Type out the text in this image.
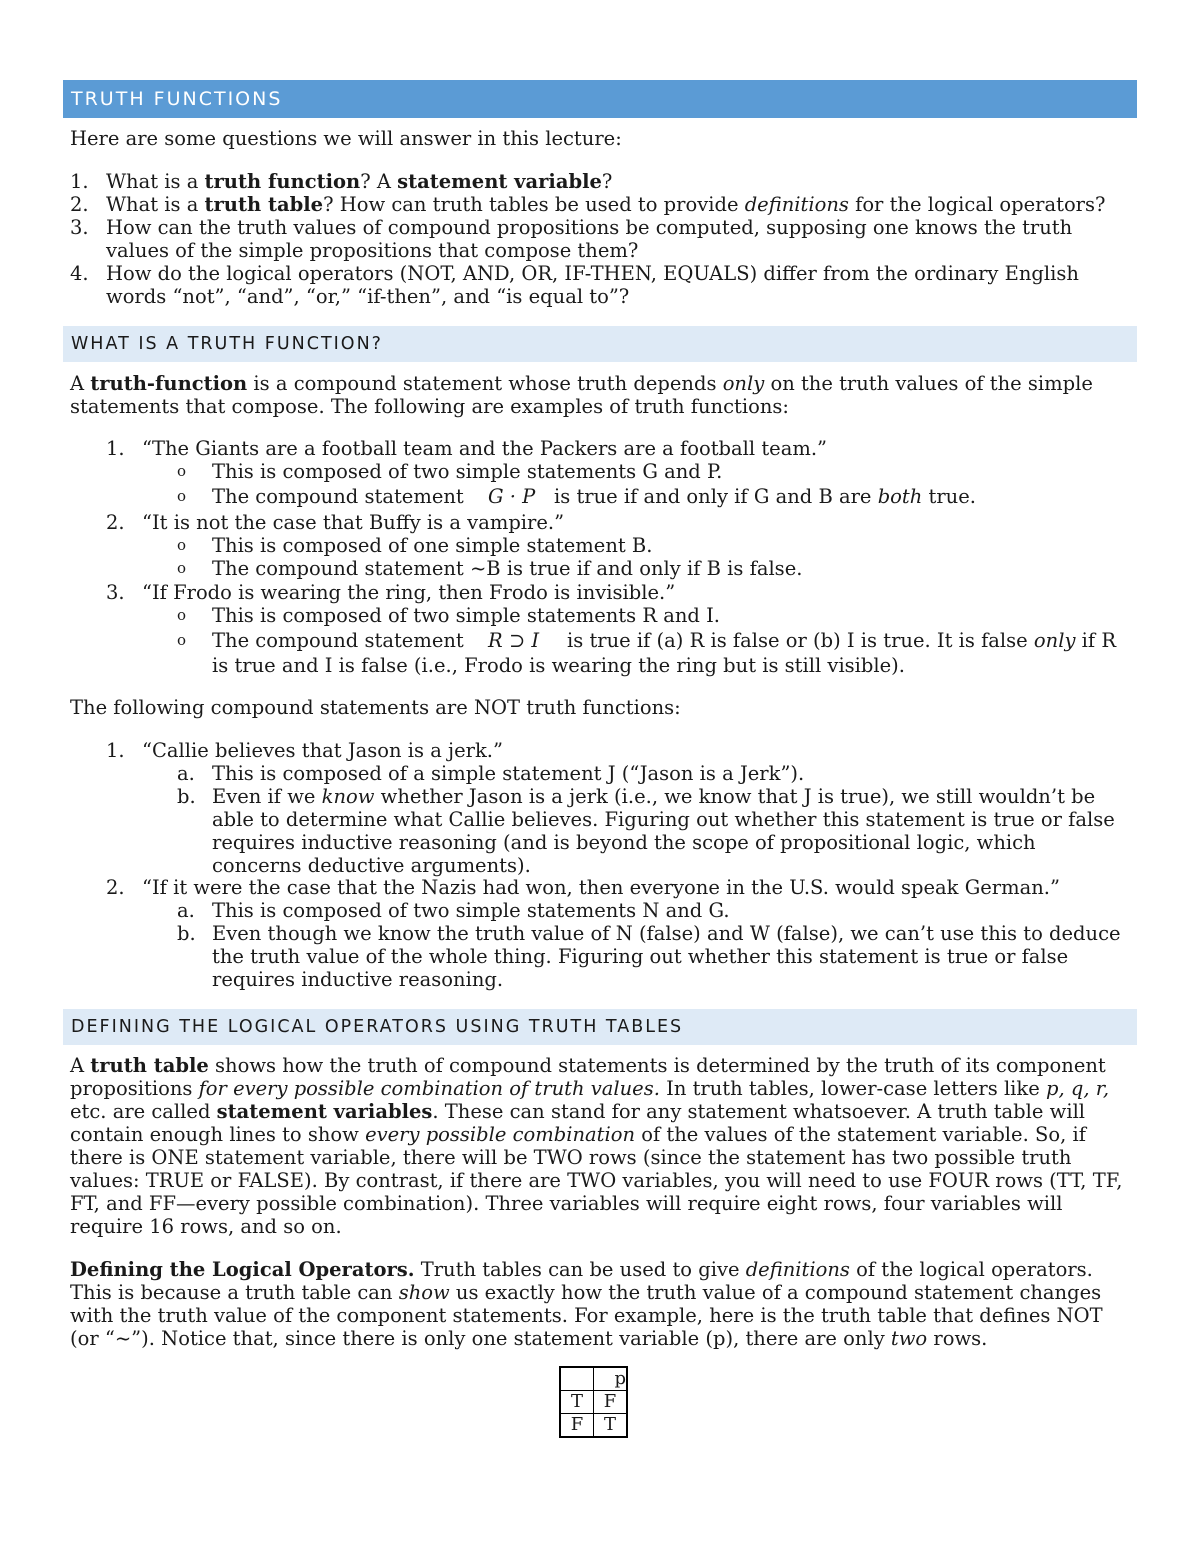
TRUTH FUNCTIONS
Here are some questions we will answer in this lecture:
1. What is a truth function? A statement variable?
2. What is a truth table? How can truth tables be used to provide definitions for the logical operators?
3. How can the truth values of compound propositions be computed, supposing one knows the truth
values of the simple propositions that compose them?
4. How do the logical operators (NOT, AND, OR, IF-THEN, EQUALS) differ from the ordinary English
words “not”, “and”, “or,” “if-then”, and “is equal to”?
WHAT IS A TRUTH FUNCTION?
A truth-function is a compound statement whose truth depends only on the truth values of the simple
statements that compose. The following are examples of truth functions:
1. “The Giants are a football team and the Packers are a football team.”
o This is composed of two simple statements G and P.
o The compound statement G · P is true if and only if G and B are both true.
2. “It is not the case that Buffy is a vampire.”
o This is composed of one simple statement B.
o The compound statement ~B is true if and only if B is false.
3. “If Frodo is wearing the ring, then Frodo is invisible.”
o This is composed of two simple statements R and I.
o The compound statement R ⊃ I is true if (a) R is false or (b) I is true. It is false only if R
is true and I is false (i.e., Frodo is wearing the ring but is still visible).
The following compound statements are NOT truth functions:
1. “Callie believes that Jason is a jerk.”
a. This is composed of a simple statement J (“Jason is a Jerk”).
b. Even if we know whether Jason is a jerk (i.e., we know that J is true), we still wouldn’t be
able to determine what Callie believes. Figuring out whether this statement is true or false
requires inductive reasoning (and is beyond the scope of propositional logic, which
concerns deductive arguments).
2. “If it were the case that the Nazis had won, then everyone in the U.S. would speak German.”
a. This is composed of two simple statements N and G.
b. Even though we know the truth value of N (false) and W (false), we can’t use this to deduce
the truth value of the whole thing. Figuring out whether this statement is true or false
requires inductive reasoning.
DEFINING THE LOGICAL OPERATORS USING TRUTH TABLES
A truth table shows how the truth of compound statements is determined by the truth of its component
propositions for every possible combination of truth values. In truth tables, lower-case letters like p, q, r,
etc. are called statement variables. These can stand for any statement whatsoever. A truth table will
contain enough lines to show every possible combination of the values of the statement variable. So, if
there is ONE statement variable, there will be TWO rows (since the statement has two possible truth
values: TRUE or FALSE). By contrast, if there are TWO variables, you will need to use FOUR rows (TT, TF,
FT, and FF—every possible combination). Three variables will require eight rows, four variables will
require 16 rows, and so on.
Defining the Logical Operators. Truth tables can be used to give definitions of the logical operators.
This is because a truth table can show us exactly how the truth value of a compound statement changes
with the truth value of the component statements. For example, here is the truth table that defines NOT
(or “~”). Notice that, since there is only one statement variable (p), there are only two rows.
	p
T	F
F	T
